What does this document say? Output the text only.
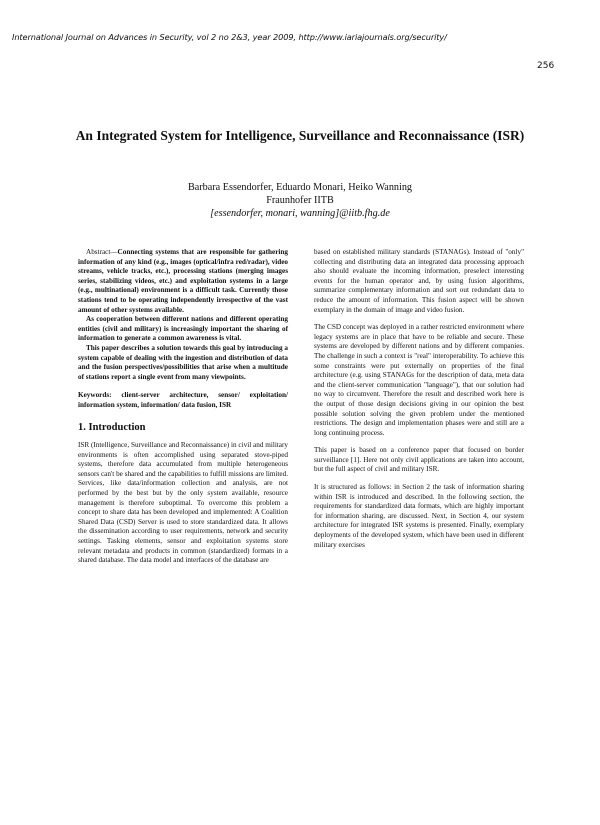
International Journal on Advances in Security, vol 2 no 2&3, year 2009, http://www.iariajournals.org/security/
256
An Integrated System for Intelligence, Surveillance and Reconnaissance (ISR)
Barbara Essendorfer, Eduardo Monari, Heiko Wanning
Fraunhofer IITB
[essendorfer, monari, wanning]@iitb.fhg.de

Abstract—Connecting systems that are responsible for gathering information of any kind (e.g., images (optical/infra red/radar), video streams, vehicle tracks, etc.), processing stations (merging images series, stabilizing videos, etc.) and exploitation systems in a large (e.g., multinational) environment is a difficult task. Currently those stations tend to be operating independently irrespective of the vast amount of other systems available.

As cooperation between different nations and different operating entities (civil and military) is increasingly important the sharing of information to generate a common awareness is vital.

This paper describes a solution towards this goal by introducing a system capable of dealing with the ingestion and distribution of data and the fusion perspectives/possibilities that arise when a multitude of stations report a single event from many viewpoints.

Keywords: client-server architecture, sensor/ exploitation/ information system, information/ data fusion, ISR

1. Introduction

ISR (Intelligence, Surveillance and Reconnaissance) in civil and military environments is often accomplished using separated stove-piped systems, therefore data accumulated from multiple heterogeneous sensors can't be shared and the capabilities to fulfill missions are limited. Services, like data/information collection and analysis, are not performed by the best but by the only system available, resource management is therefore suboptimal. To overcome this problem a concept to share data has been developed and implemented: A Coalition Shared Data (CSD) Server is used to store standardized data. It allows the dissemination according to user requirements, network and security settings. Tasking elements, sensor and exploitation systems store relevant metadata and products in common (standardized) formats in a shared database. The data model and interfaces of the database are

based on established military standards (STANAGs). Instead of "only" collecting and distributing data an integrated data processing approach also should evaluate the incoming information, preselect interesting events for the human operator and, by using fusion algorithms, summarize complementary information and sort out redundant data to reduce the amount of information. This fusion aspect will be shown exemplary in the domain of image and video fusion.

The CSD concept was deployed in a rather restricted environment where legacy systems are in place that have to be reliable and secure. These systems are developed by different nations and by different companies. The challenge in such a context is "real" interoperability. To achieve this some constraints were put externally on properties of the final architecture (e.g. using STANAGs for the description of data, meta data and the client-server communication "language"), that our solution had no way to circumvent. Therefore the result and described work here is the output of those design decisions giving in our opinion the best possible solution solving the given problem under the mentioned restrictions. The design and implementation phases were and still are a long continuing process.

This paper is based on a conference paper that focused on border surveillance [1]. Here not only civil applications are taken into account, but the full aspect of civil and military ISR.

It is structured as follows: in Section 2 the task of information sharing within ISR is introduced and described. In the following section, the requirements for standardized data formats, which are highly important for information sharing, are discussed. Next, in Section 4, our system architecture for integrated ISR systems is presented. Finally, exemplary deployments of the developed system, which have been used in different military exercises
